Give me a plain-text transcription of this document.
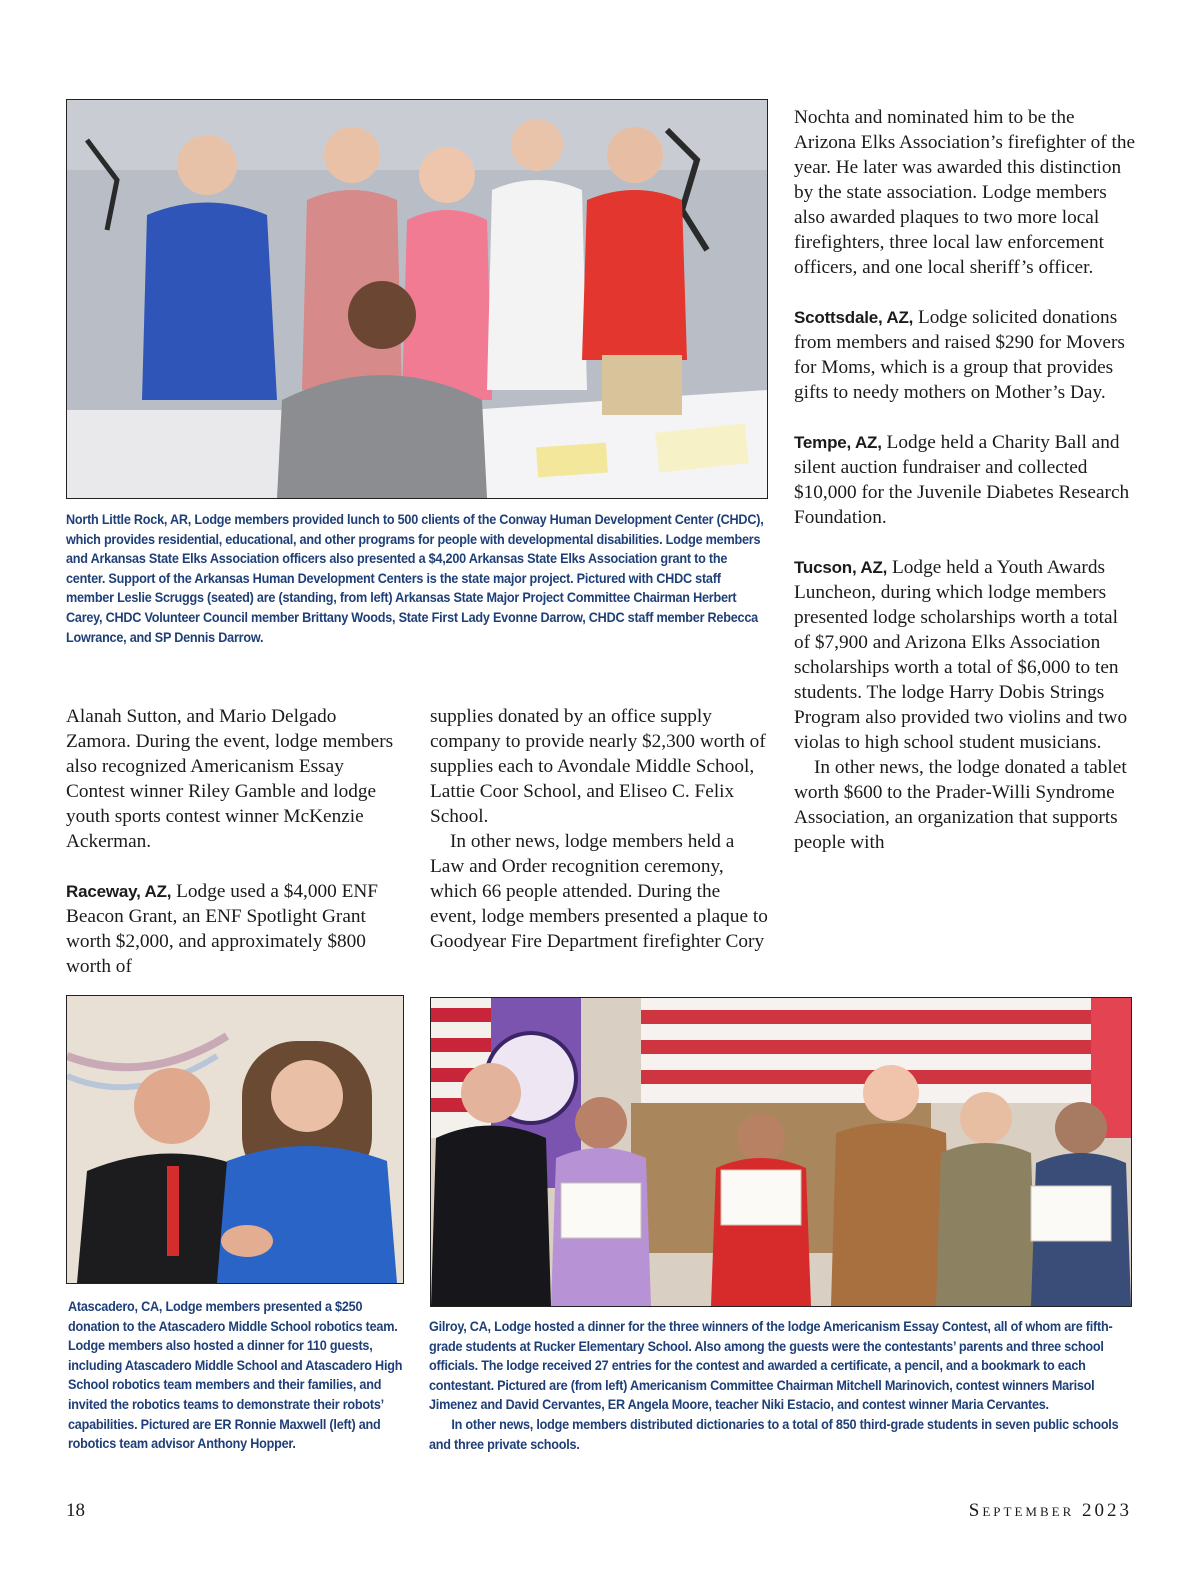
North Little Rock, AR, Lodge members provided lunch to 500 clients of the Conway Human Development Center (CHDC), which provides residential, educational, and other programs for people with developmental disabilities. Lodge members and Arkansas State Elks Association officers also presented a $4,200 Arkansas State Elks Association grant to the center. Support of the Arkansas Human Development Centers is the state major project. Pictured with CHDC staff member Leslie Scruggs (seated) are (standing, from left) Arkansas State Major Project Committee Chairman Herbert Carey, CHDC Volunteer Council member Brittany Woods, State First Lady Evonne Darrow, CHDC staff member Rebecca Lowrance, and SP Dennis Darrow.

Alanah Sutton, and Mario Delgado Zamora. During the event, lodge members also recognized Americanism Essay Contest winner Riley Gamble and lodge youth sports contest winner McKenzie Ackerman.

Raceway, AZ, Lodge used a $4,000 ENF Beacon Grant, an ENF Spotlight Grant worth $2,000, and approximately $800 worth of

supplies donated by an office supply company to provide nearly $2,300 worth of supplies each to Avondale Middle School, Lattie Coor School, and Eliseo C. Felix School.

In other news, lodge members held a Law and Order recognition ceremony, which 66 people attended. During the event, lodge members presented a plaque to Goodyear Fire Department firefighter Cory

Nochta and nominated him to be the Arizona Elks Association’s firefighter of the year. He later was awarded this distinction by the state association. Lodge members also awarded plaques to two more local firefighters, three local law enforcement officers, and one local sheriff’s officer.

Scottsdale, AZ, Lodge solicited donations from members and raised $290 for Movers for Moms, which is a group that provides gifts to needy mothers on Mother’s Day.

Tempe, AZ, Lodge held a Charity Ball and silent auction fundraiser and collected $10,000 for the Juvenile Diabetes Research Foundation.

Tucson, AZ, Lodge held a Youth Awards Luncheon, during which lodge members presented lodge scholarships worth a total of $7,900 and Arizona Elks Association scholarships worth a total of $6,000 to ten students. The lodge Harry Dobis Strings Program also provided two violins and two violas to high school student musicians.

In other news, the lodge donated a tablet worth $600 to the Prader-Willi Syndrome Association, an organization that supports people with

Atascadero, CA, Lodge members presented a $250 donation to the Atascadero Middle School robotics team. Lodge members also hosted a dinner for 110 guests, including Atascadero Middle School and Atascadero High School robotics team members and their families, and invited the robotics teams to demonstrate their robots’ capabilities. Pictured are ER Ronnie Maxwell (left) and robotics team advisor Anthony Hopper.

Gilroy, CA, Lodge hosted a dinner for the three winners of the lodge Americanism Essay Contest, all of whom are fifth-grade students at Rucker Elementary School. Also among the guests were the contestants’ parents and three school officials. The lodge received 27 entries for the contest and awarded a certificate, a pencil, and a bookmark to each contestant. Pictured are (from left) Americanism Committee Chairman Mitchell Marinovich, contest winners Marisol Jimenez and David Cervantes, ER Angela Moore, teacher Niki Estacio, and contest winner Maria Cervantes.

In other news, lodge members distributed dictionaries to a total of 850 third-grade students in seven public schools and three private schools.

18	September 2023
